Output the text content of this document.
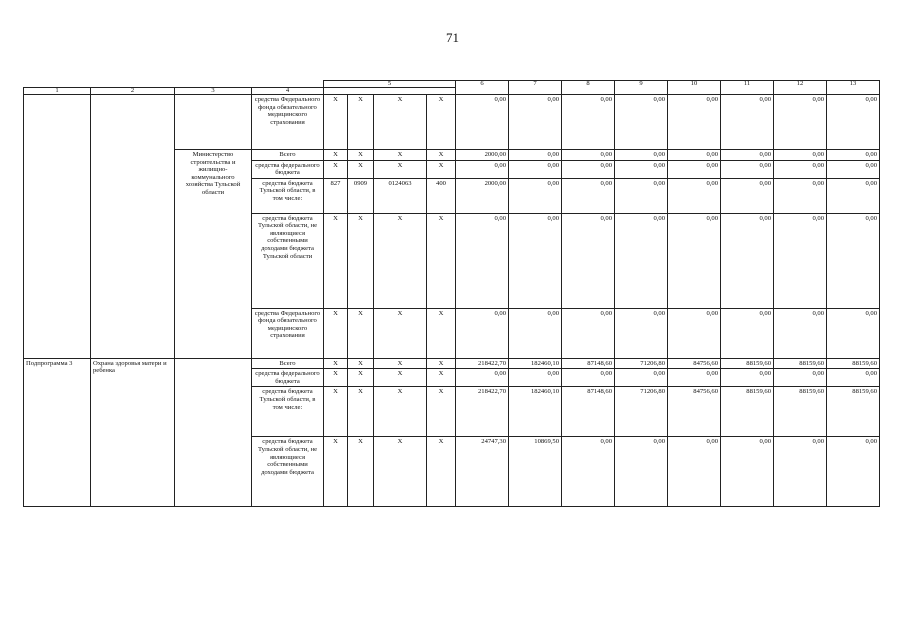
71
				5				6	7	8	9	10	11	12	13
1	2	3	4												
			средства Федерального фонда обязательного медицинского страхования	X	X	X	X	0,00	0,00	0,00	0,00	0,00	0,00	0,00	0,00
		Министерство строительства и жилищно-коммунального хозяйства Тульской области	Всего	X	X	X	X	2000,00	0,00	0,00	0,00	0,00	0,00	0,00	0,00
			средства федерального бюджета	X	X	X	X	0,00	0,00	0,00	0,00	0,00	0,00	0,00	0,00
			средства бюджета Тульской области, в том числе:	827	0909	0124063	400	2000,00	0,00	0,00	0,00	0,00	0,00	0,00	0,00
			средства бюджета Тульской области, не являющиеся собственными доходами бюджета Тульской области	X	X	X	X	0,00	0,00	0,00	0,00	0,00	0,00	0,00	0,00
			средства Федерального фонда обязательного медицинского страхования	X	X	X	X	0,00	0,00	0,00	0,00	0,00	0,00	0,00	0,00
Подпрограмма 3	Охрана здоровья матери и ребенка		Всего	X	X	X	X	218422,70	182460,10	87148,60	71206,80	84756,60	88159,60	88159,60	88159,60
			средства федерального бюджета	X	X	X	X	0,00	0,00	0,00	0,00	0,00	0,00	0,00	0,00
			средства бюджета Тульской области, в том числе:	X	X	X	X	218422,70	182460,10	87148,60	71206,80	84756,60	88159,60	88159,60	88159,60
			средства бюджета Тульской области, не являющиеся собственными доходами бюджета	X	X	X	X	24747,30	10869,50	0,00	0,00	0,00	0,00	0,00	0,00
